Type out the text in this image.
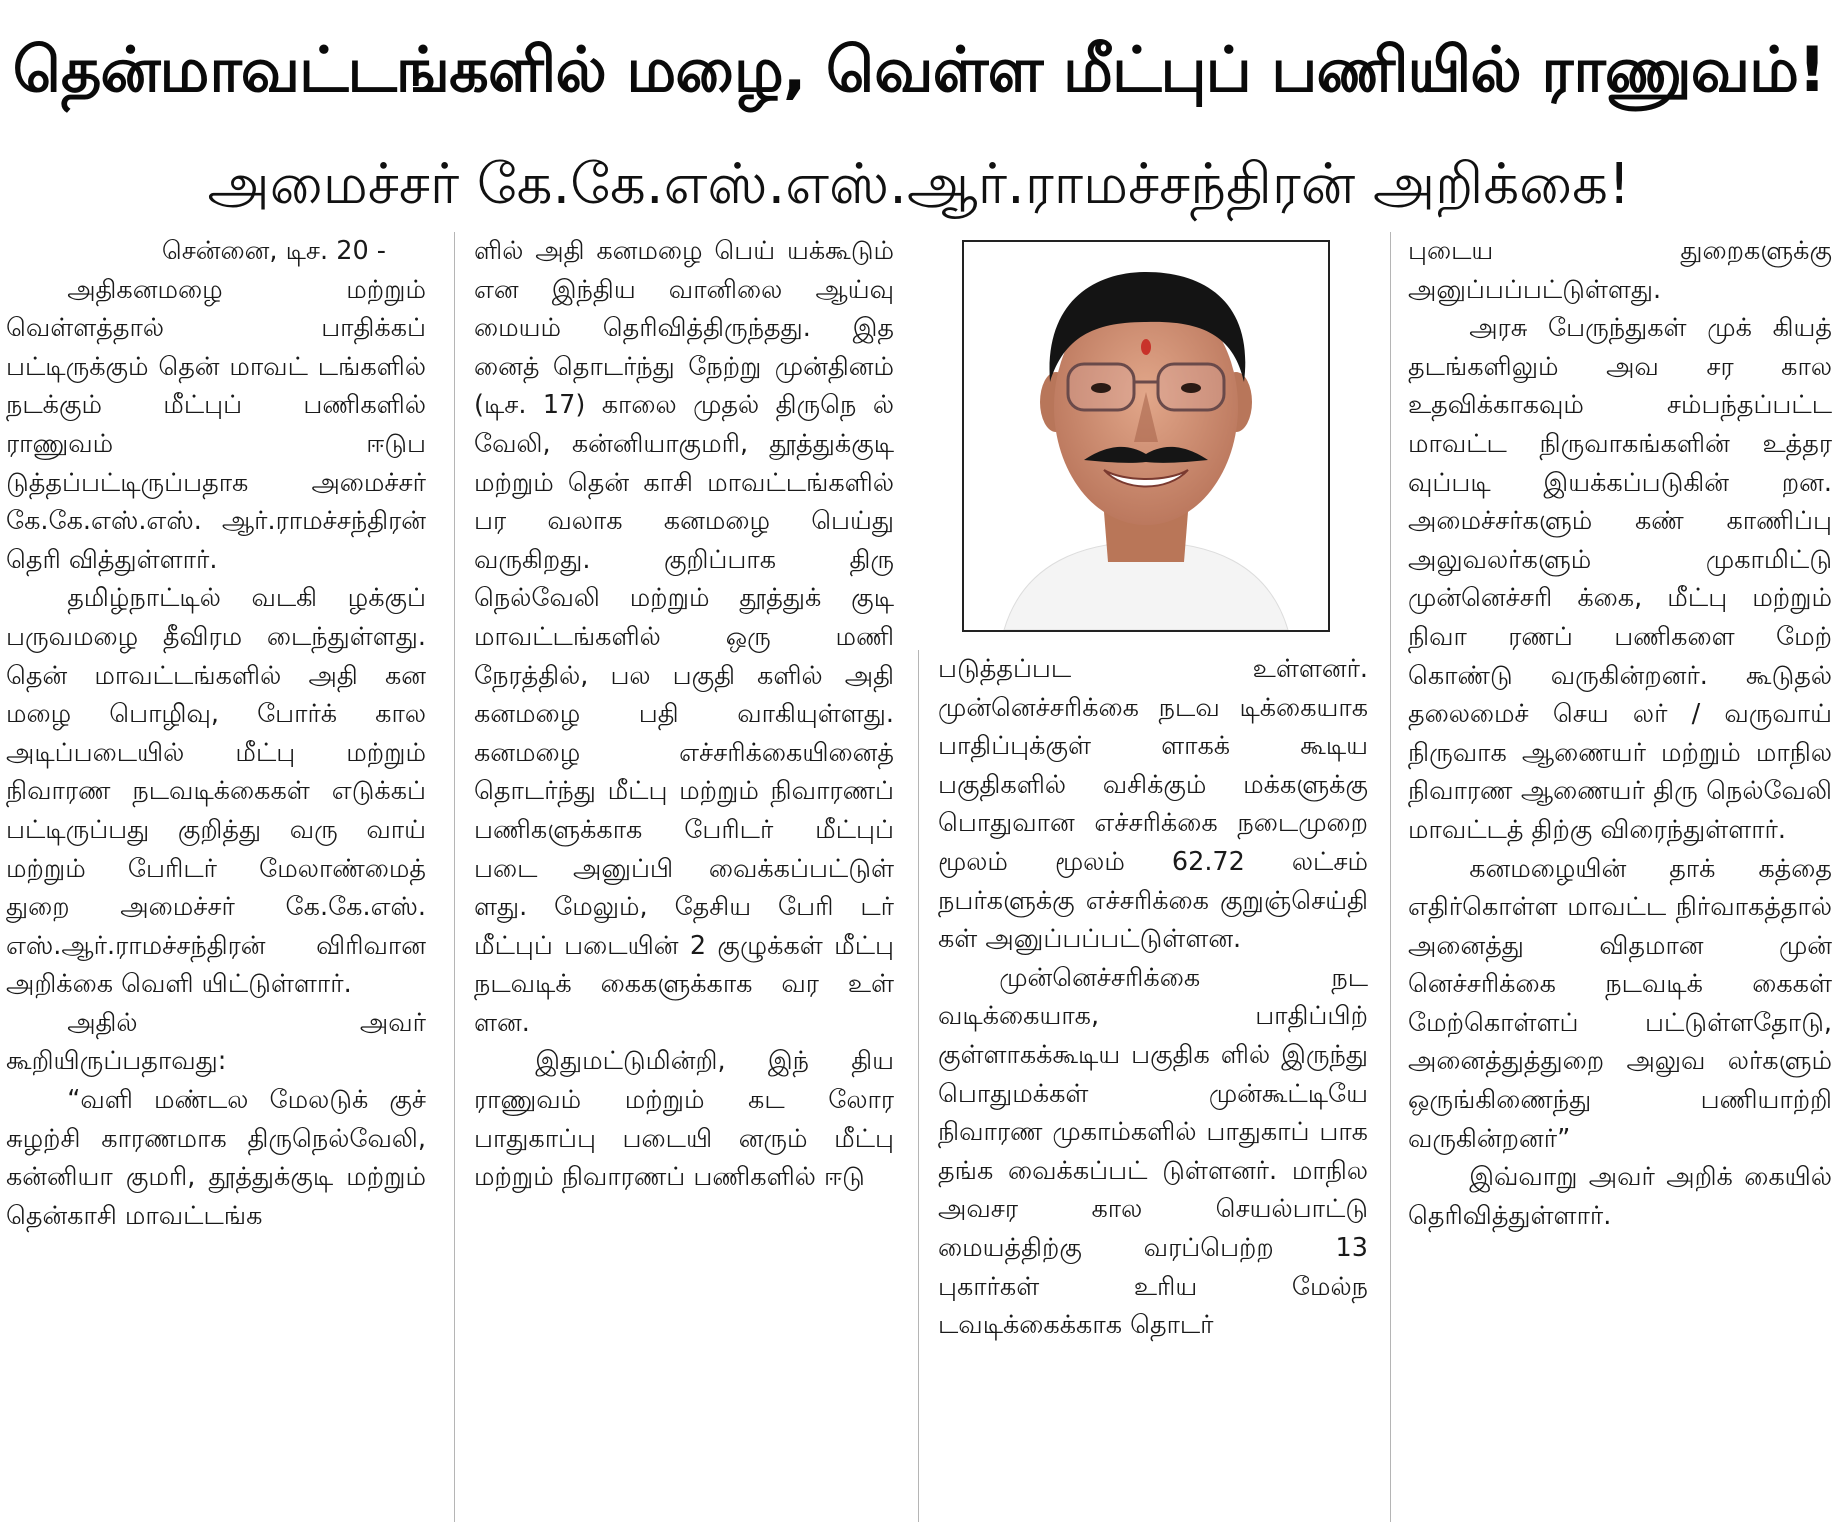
தென்மாவட்டங்களில் மழை, வெள்ள மீட்புப் பணியில் ராணுவம்!
அமைச்சர் கே.கே.எஸ்.எஸ்.ஆர்.ராமச்சந்திரன் அறிக்கை!

சென்னை, டிச. 20 -

அதிகனமழை மற்றும் வெள்ளத்தால் பாதிக்கப் பட்டிருக்கும் தென் மாவட் டங்களில் நடக்கும் மீட்புப் பணிகளில் ராணுவம் ஈடுப டுத்தப்பட்டிருப்பதாக அமைச்சர் கே.கே.எஸ்.எஸ். ஆர்.ராமச்சந்திரன் தெரி வித்துள்ளார்.

தமிழ்நாட்டில் வடகி ழக்குப் பருவமழை தீவிரம டைந்துள்ளது. தென் மாவட்டங்களில் அதி கன மழை பொழிவு, போர்க் கால அடிப்படையில் மீட்பு மற்றும் நிவாரண நடவடிக்கைகள் எடுக்கப் பட்டிருப்பது குறித்து வரு வாய் மற்றும் பேரிடர் மேலாண்மைத் துறை அமைச்சர் கே.கே.எஸ். எஸ்.ஆர்.ராமச்சந்திரன் விரிவான அறிக்கை வெளி யிட்டுள்ளார்.

அதில் அவர் கூறியிருப்பதாவது:

“வளி மண்டல மேலடுக் குச் சுழற்சி காரணமாக திருநெல்வேலி, கன்னியா குமரி, தூத்துக்குடி மற்றும் தென்காசி மாவட்டங்க

ளில் அதி கனமழை பெய் யக்கூடும் என இந்திய வானிலை ஆய்வு மையம் தெரிவித்திருந்தது. இத னைத் தொடர்ந்து நேற்று முன்தினம் (டிச. 17) காலை முதல் திருநெ ல் வேலி, கன்னியாகுமரி, தூத்துக்குடி மற்றும் தென் காசி மாவட்டங்களில் பர வலாக கனமழை பெய்து வருகிறது. குறிப்பாக திரு நெல்வேலி மற்றும் தூத்துக் குடி மாவட்டங்களில் ஒரு மணி நேரத்தில், பல பகுதி களில் அதி கனமழை பதி வாகியுள்ளது. கனமழை எச்சரிக்கையினைத் தொடர்ந்து மீட்பு மற்றும் நிவாரணப் பணிகளுக்காக பேரிடர் மீட்புப் படை அனுப்பி வைக்கப்பட்டுள் ளது. மேலும், தேசிய பேரி டர் மீட்புப் படையின் 2 குழுக்கள் மீட்பு நடவடிக் கைகளுக்காக வர உள் ளன.

இதுமட்டுமின்றி, இந் திய ராணுவம் மற்றும் கட லோர பாதுகாப்பு படையி னரும் மீட்பு மற்றும் நிவாரணப் பணிகளில் ஈடு

படுத்தப்பட உள்ளனர். முன்னெச்சரிக்கை நடவ டிக்கையாக பாதிப்புக்குள் ளாகக் கூடிய பகுதிகளில் வசிக்கும் மக்களுக்கு பொதுவான எச்சரிக்கை நடைமுறை மூலம் மூலம் 62.72 லட்சம் நபர்களுக்கு எச்சரிக்கை குறுஞ்செய்தி கள் அனுப்பப்பட்டுள்ளன.

முன்னெச்சரிக்கை நட வடிக்கையாக, பாதிப்பிற் குள்ளாகக்கூடிய பகுதிக ளில் இருந்து பொதுமக்கள் முன்கூட்டியே நிவாரண முகாம்களில் பாதுகாப் பாக தங்க வைக்கப்பட் டுள்ளனர். மாநில அவசர கால செயல்பாட்டு மையத்திற்கு வரப்பெற்ற 13 புகார்கள் உரிய மேல்ந டவடிக்கைக்காக தொடர்

புடைய துறைகளுக்கு அனுப்பப்பட்டுள்ளது.

அரசு பேருந்துகள் முக் கியத் தடங்களிலும் அவ சர கால உதவிக்காகவும் சம்பந்தப்பட்ட மாவட்ட நிருவாகங்களின் உத்தர வுப்படி இயக்கப்படுகின் றன. அமைச்சர்களும் கண் காணிப்பு அலுவலர்களும் முகாமிட்டு முன்னெச்சரி க்கை, மீட்பு மற்றும் நிவா ரணப் பணிகளை மேற் கொண்டு வருகின்றனர். கூடுதல் தலைமைச் செய லர் / வருவாய் நிருவாக ஆணையர் மற்றும் மாநில நிவாரண ஆணையர் திரு நெல்வேலி மாவட்டத் திற்கு விரைந்துள்ளார்.

கனமழையின் தாக் கத்தை எதிர்கொள்ள மாவட்ட நிர்வாகத்தால் அனைத்து விதமான முன் னெச்சரிக்கை நடவடிக் கைகள் மேற்கொள்ளப் பட்டுள்ளதோடு, அனைத்துத்துறை அலுவ லர்களும் ஒருங்கிணைந்து பணியாற்றி வருகின்றனர்”

இவ்வாறு அவர் அறிக் கையில் தெரிவித்துள்ளார்.
